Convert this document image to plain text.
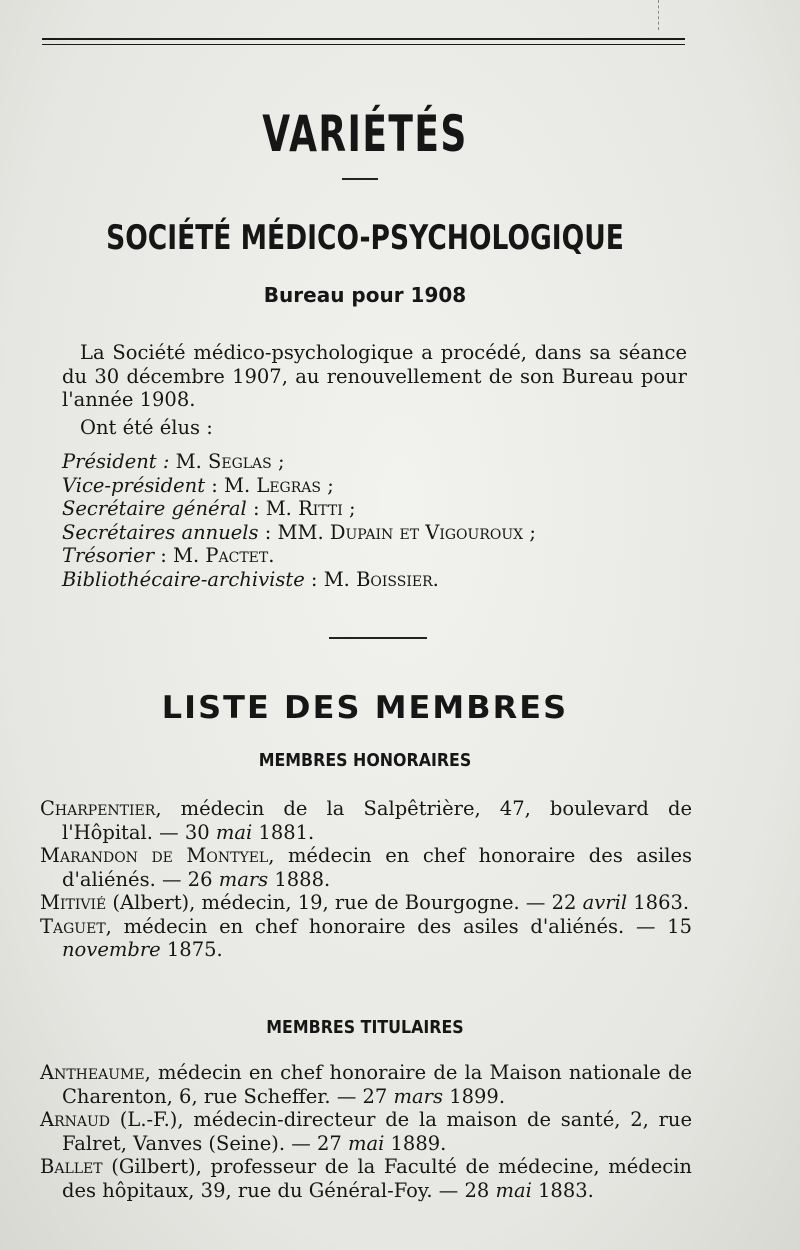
VARIÉTÉS
SOCIÉTÉ MÉDICO-PSYCHOLOGIQUE
Bureau pour 1908

La Société médico-psychologique a procédé, dans sa séance du 30 décembre 1907, au renouvellement de son Bureau pour l'année 1908.

Ont été élus :
Président : M. Seglas ;
Vice-président : M. Legras ;
Secrétaire général : M. Ritti ;
Secrétaires annuels : MM. Dupain et Vigouroux ;
Trésorier : M. Pactet.
Bibliothécaire-archiviste : M. Boissier.
LISTE DES MEMBRES
MEMBRES HONORAIRES
Charpentier, médecin de la Salpêtrière, 47, boulevard de l'Hôpital. — 30 mai 1881.
Marandon de Montyel, médecin en chef honoraire des asiles d'aliénés. — 26 mars 1888.
Mitivié (Albert), médecin, 19, rue de Bourgogne. — 22 avril 1863.
Taguet, médecin en chef honoraire des asiles d'aliénés. — 15 novembre 1875.
MEMBRES TITULAIRES
Antheaume, médecin en chef honoraire de la Maison nationale de Charenton, 6, rue Scheffer. — 27 mars 1899.
Arnaud (L.-F.), médecin-directeur de la maison de santé, 2, rue Falret, Vanves (Seine). — 27 mai 1889.
Ballet (Gilbert), professeur de la Faculté de médecine, médecin des hôpitaux, 39, rue du Général-Foy. — 28 mai 1883.
